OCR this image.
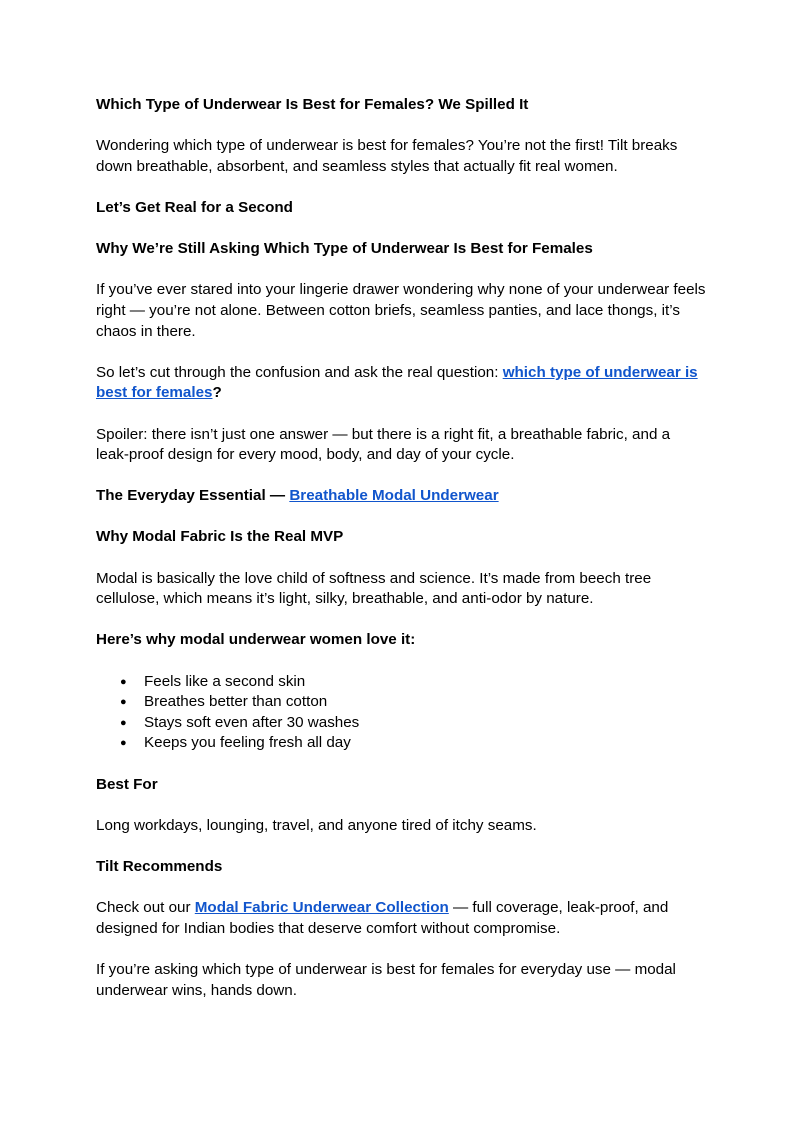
Which Type of Underwear Is Best for Females? We Spilled It

Wondering which type of underwear is best for females? You’re not the first! Tilt breaks down breathable, absorbent, and seamless styles that actually fit real women.

Let’s Get Real for a Second

Why We’re Still Asking Which Type of Underwear Is Best for Females

If you’ve ever stared into your lingerie drawer wondering why none of your underwear feels right — you’re not alone. Between cotton briefs, seamless panties, and lace thongs, it’s chaos in there.

So let’s cut through the confusion and ask the real question: which type of underwear is best for females?

Spoiler: there isn’t just one answer — but there is a right fit, a breathable fabric, and a leak-proof design for every mood, body, and day of your cycle.

The Everyday Essential — Breathable Modal Underwear

Why Modal Fabric Is the Real MVP

Modal is basically the love child of softness and science. It’s made from beech tree cellulose, which means it’s light, silky, breathable, and anti-odor by nature.

Here’s why modal underwear women love it:

● Feels like a second skin
● Breathes better than cotton
● Stays soft even after 30 washes
● Keeps you feeling fresh all day

Best For

Long workdays, lounging, travel, and anyone tired of itchy seams.

Tilt Recommends

Check out our Modal Fabric Underwear Collection — full coverage, leak-proof, and designed for Indian bodies that deserve comfort without compromise.

If you’re asking which type of underwear is best for females for everyday use — modal underwear wins, hands down.
